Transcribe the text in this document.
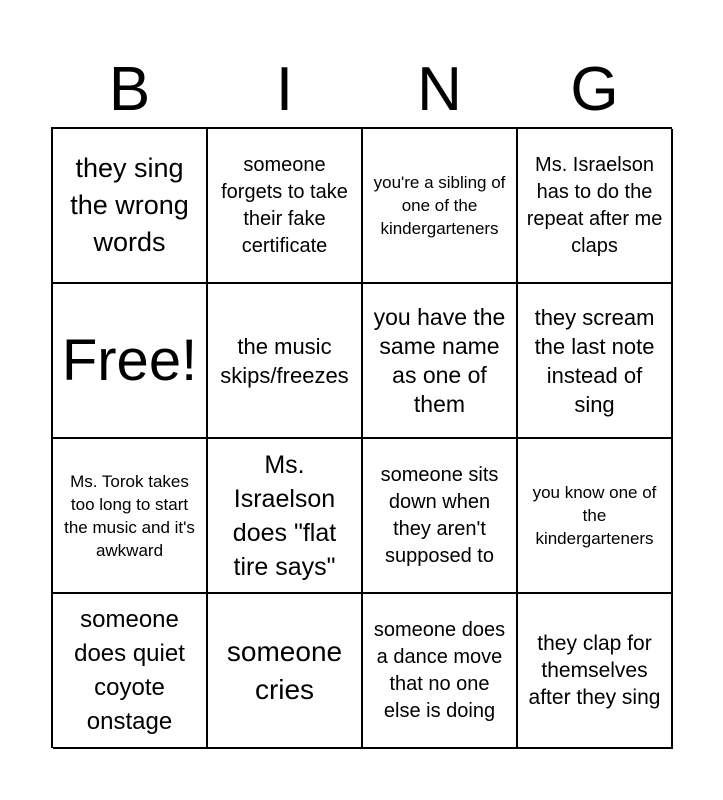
B	I	N	G
they sing the wrong words
someone forgets to take their fake certificate
you're a sibling of one of the kindergarteners
Ms. Israelson has to do the repeat after me claps
Free!	the music skips/freezes
you have the same name as one of them
they scream the last note instead of sing
Ms. Torok takes too long to start the music and it's awkward
Ms. Israelson does "flat tire says"
someone sits down when they aren't supposed to
you know one of the kindergarteners
someone does quiet coyote onstage
someone cries
someone does a dance move that no one else is doing
they clap for themselves after they sing
